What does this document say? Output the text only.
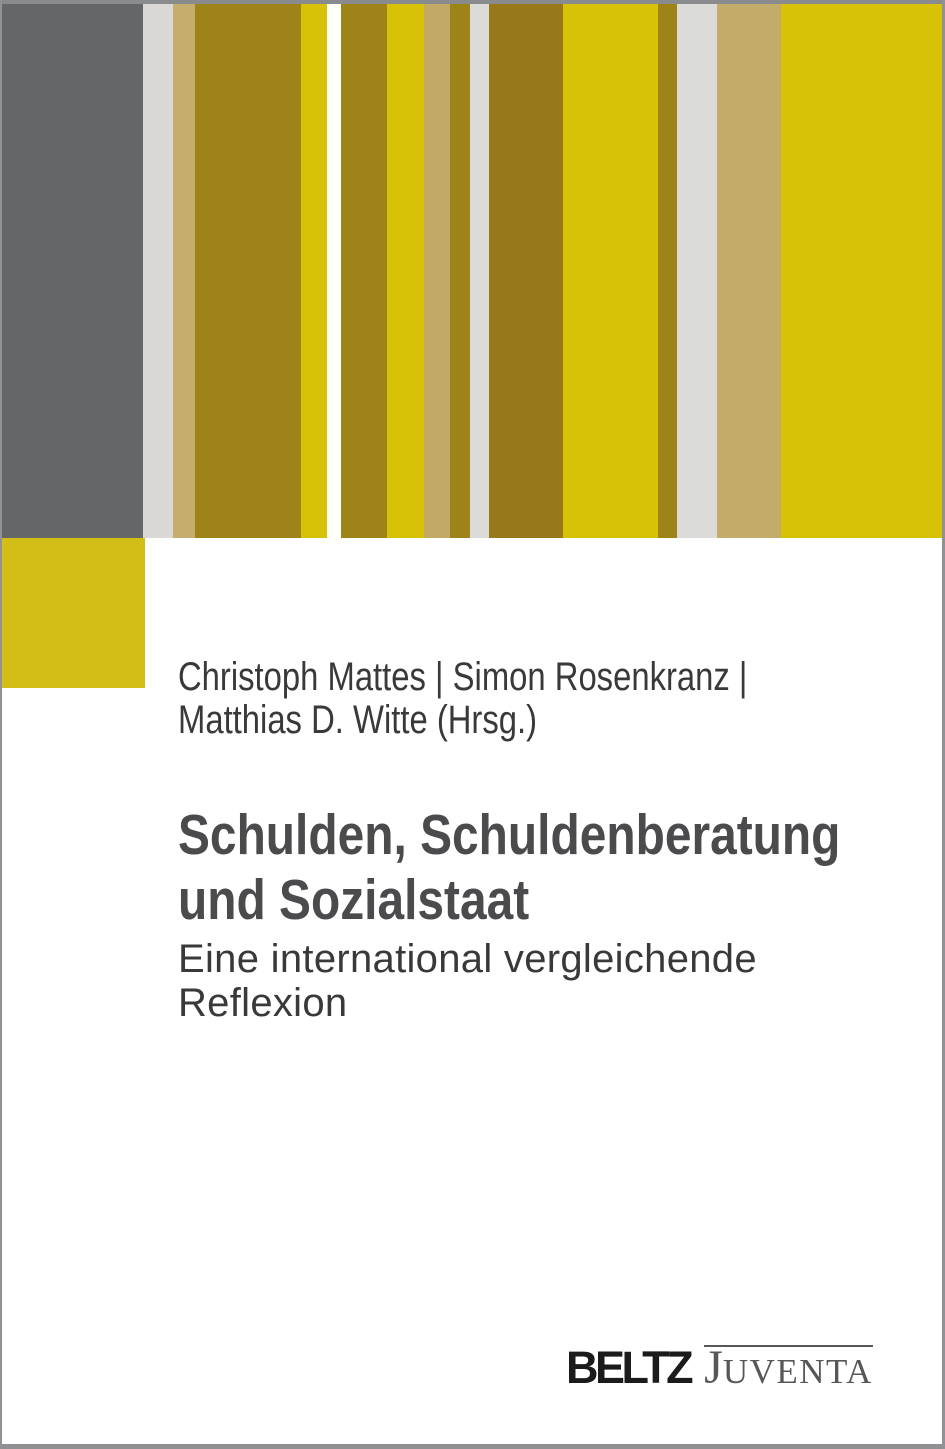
Christoph Mattes | Simon Rosenkranz |
Matthias D. Witte (Hrsg.)
Schulden, Schuldenberatung
und Sozialstaat
Eine international vergleichende
Reflexion
BELTZ J UVENTA
